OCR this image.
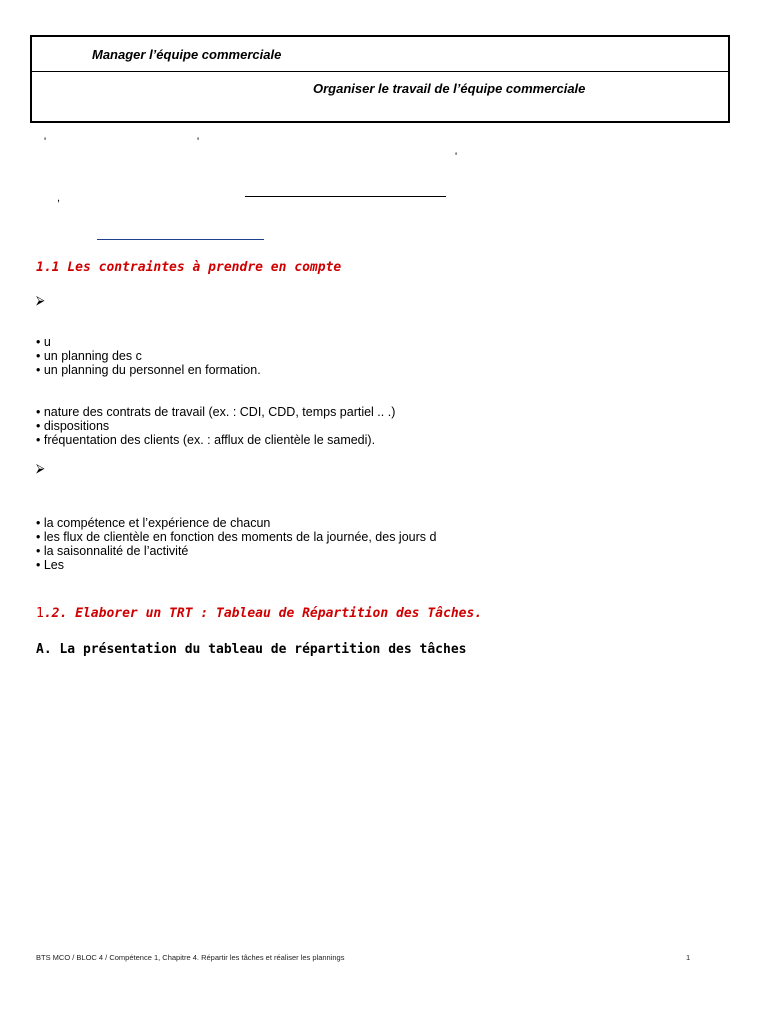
Manager l’équipe commerciale
Organiser le travail de l’équipe commerciale
'	'
'
,
1.1 Les contraintes à prendre en compte
⮚
• u
• un planning des c
• un planning du personnel en formation.
• nature des contrats de travail (ex. : CDI, CDD, temps partiel .. .)
• dispositions
• fréquentation des clients (ex. : afflux de clientèle le samedi).
⮚
• la compétence et l’expérience de chacun
• les flux de clientèle en fonction des moments de la journée, des jours d
• la saisonnalité de l’activité
• Les
1.2. Elaborer un TRT : Tableau de Répartition des Tâches.
A. La présentation du tableau de répartition des tâches
BTS MCO / BLOC 4 / Compétence 1, Chapitre 4. Répartir les tâches et réaliser les plannings	1
